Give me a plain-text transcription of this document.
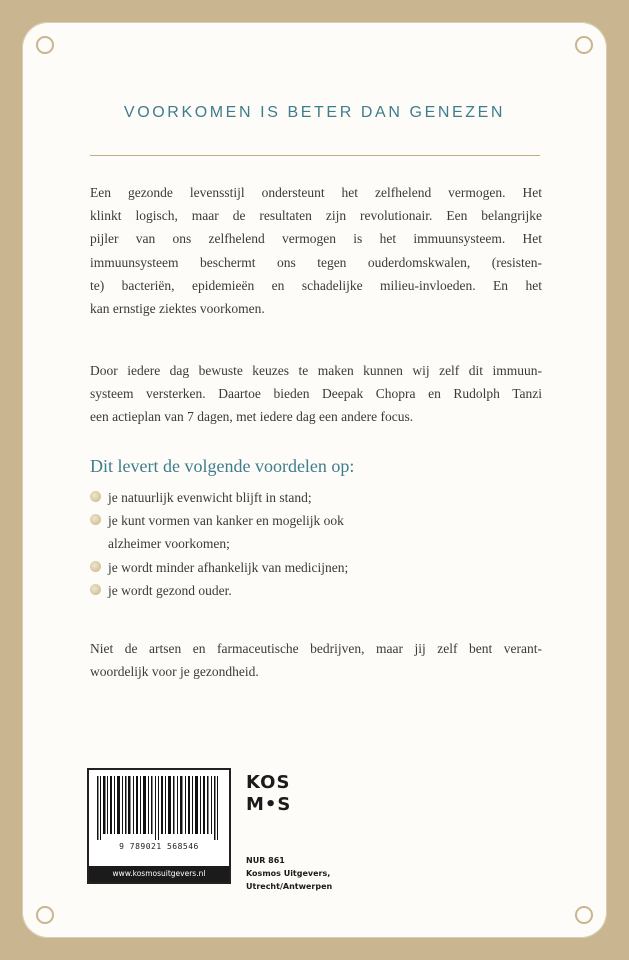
VOORKOMEN IS BETER DAN GENEZEN

Een gezonde levensstijl ondersteunt het zelfhelend vermogen. Het
klinkt logisch, maar de resultaten zijn revolutionair. Een belangrijke
pijler van ons zelfhelend vermogen is het immuunsysteem. Het
immuunsysteem beschermt ons tegen ouderdomskwalen, (resisten-
te) bacteriën, epidemieën en schadelijke milieu-invloeden. En het
kan ernstige ziektes voorkomen.

Door iedere dag bewuste keuzes te maken kunnen wij zelf dit immuun-
systeem versterken. Daartoe bieden Deepak Chopra en Rudolph Tanzi
een actieplan van 7 dagen, met iedere dag een andere focus.

Dit levert de volgende voordelen op:
je natuurlijk evenwicht blijft in stand;
je kunt vormen van kanker en mogelijk ook
alzheimer voorkomen;
je wordt minder afhankelijk van medicijnen;
je wordt gezond ouder.

Niet de artsen en farmaceutische bedrijven, maar jij zelf bent verant-
woordelijk voor je gezondheid.

9 789021 568546
www.kosmosuitgevers.nl
KOS
M•S

NUR 861
Kosmos Uitgevers,
Utrecht/Antwerpen
